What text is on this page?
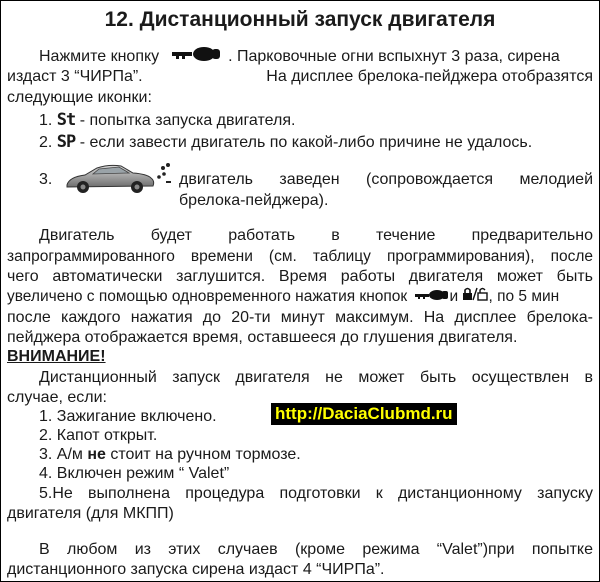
12. Дистанционный запуск двигателя
Нажмите кнопку	. Парковочные огни вспыхнут 3 раза, сирена
издаст 3 “ЧИРПа”.	На дисплее брелока-пейджера отобразятся
следующие иконки:
1. St - попытка запуска двигателя.
2. SP - если завести двигатель по какой-либо причине не удалось.
3.	двигатель заведен (сопровождается мелодией
брелока-пейджера).
Двигатель будет работать в течение предварительно
запрограммированного времени (см. таблицу программирования), после
чего автоматически заглушится. Время работы двигателя может быть
увеличено с помощью одновременного нажатия кнопок	и , по 5 мин
после каждого нажатия до 20-ти минут максимум. На дисплее брелока-
пейджера отображается время, оставшееся до глушения двигателя.
ВНИМАНИЕ!
Дистанционный запуск двигателя не может быть осуществлен в
случае, если:
1. Зажигание включено.
2. Капот открыт.
3. А/м не стоит на ручном тормозе.
4. Включен режим “ Valet”
5.Не выполнена процедура подготовки к дистанционному запуску
двигателя (для МКПП)
В любом из этих случаев (кроме режима “Valet”)при попытке
дистанционного запуска сирена издаст 4 “ЧИРПа”.
http://DaciaClubmd.ru
